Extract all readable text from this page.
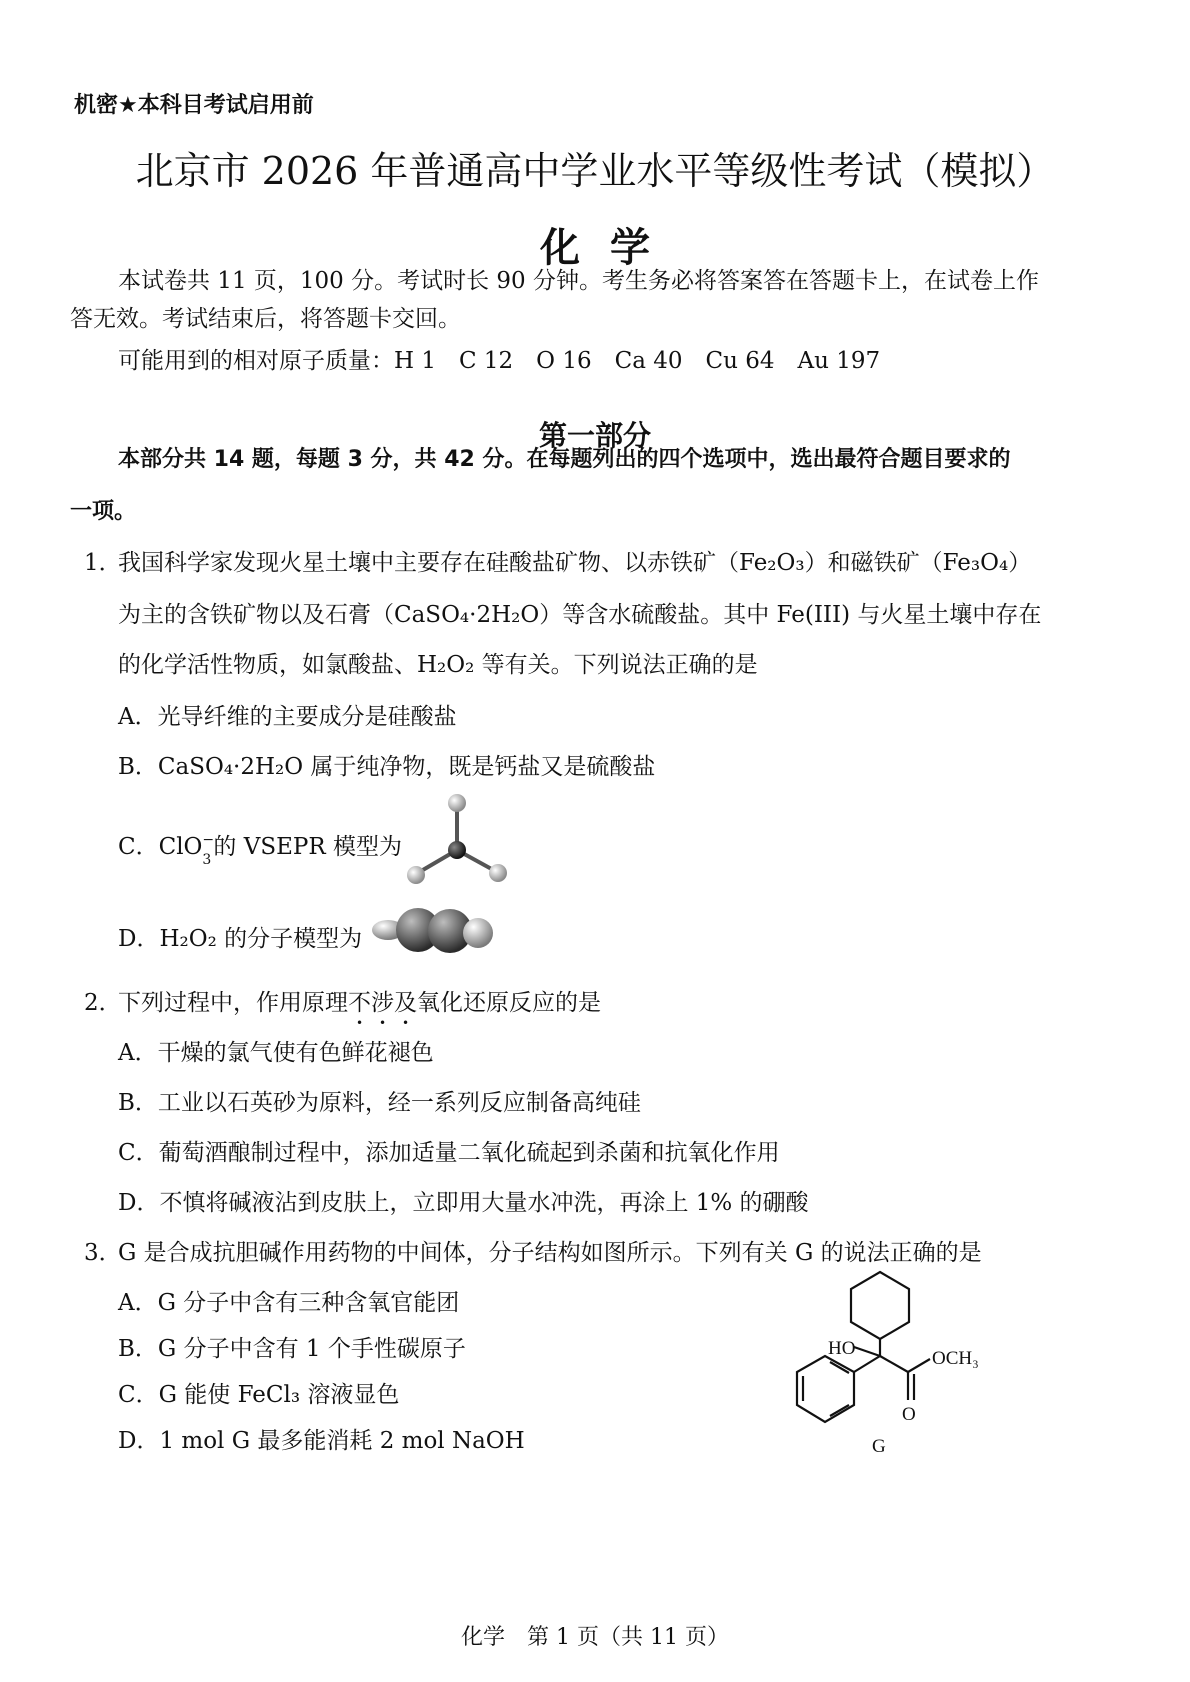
机密★本科目考试启用前
北京市 2026 年普通高中学业水平等级性考试（模拟）
化学
本试卷共 11 页，100 分。考试时长 90 分钟。考生务必将答案答在答题卡上，在试卷上作
答无效。考试结束后，将答题卡交回。
可能用到的相对原子质量：H 1　C 12　O 16　Ca 40　Cu 64　Au 197
第一部分
本部分共 14 题，每题 3 分，共 42 分。在每题列出的四个选项中，选出最符合题目要求的
一项。
1．
我国科学家发现火星土壤中主要存在硅酸盐矿物、以赤铁矿（Fe₂O₃）和磁铁矿（Fe₃O₄）
为主的含铁矿物以及石膏（CaSO₄·2H₂O）等含水硫酸盐。其中 Fe(III) 与火星土壤中存在
的化学活性物质，如氯酸盐、H₂O₂ 等有关。下列说法正确的是
A．光导纤维的主要成分是硅酸盐
B．CaSO₄·2H₂O 属于纯净物，既是钙盐又是硫酸盐
C．ClO −
3 的 VSEPR 模型为
D．H₂O₂ 的分子模型为
2．
下列过程中，作用原理不涉及氧化还原反应的是
A．干燥的氯气使有色鲜花褪色
B．工业以石英砂为原料，经一系列反应制备高纯硅
C．葡萄酒酿制过程中，添加适量二氧化硫起到杀菌和抗氧化作用
D．不慎将碱液沾到皮肤上，立即用大量水冲洗，再涂上 1% 的硼酸
3．
G 是合成抗胆碱作用药物的中间体，分子结构如图所示。下列有关 G 的说法正确的是
A．G 分子中含有三种含氧官能团
B．G 分子中含有 1 个手性碳原子
C．G 能使 FeCl₃ 溶液显色
D．1 mol G 最多能消耗 2 mol NaOH
HO	OCH₃
O
G
化学　第 1 页（共 11 页）
